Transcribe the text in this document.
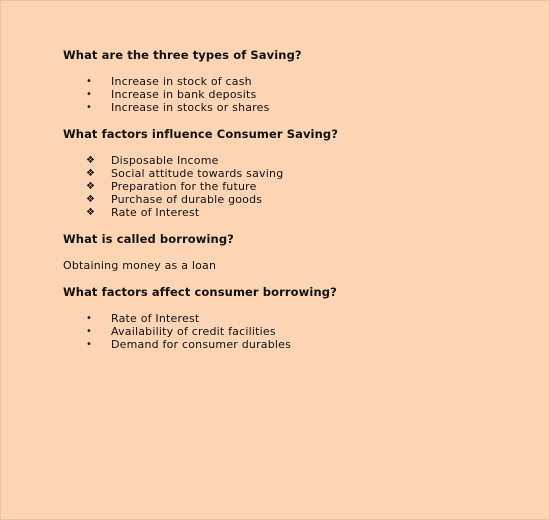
What are the three types of Saving?

•	Increase in stock of cash
•	Increase in bank deposits
•	Increase in stocks or shares

What factors influence Consumer Saving?

❖	Disposable Income
❖	Social attitude towards saving
❖	Preparation for the future
❖	Purchase of durable goods
❖	Rate of Interest

What is called borrowing?

Obtaining money as a loan

What factors affect consumer borrowing?

•	Rate of Interest
•	Availability of credit facilities
•	Demand for consumer durables
